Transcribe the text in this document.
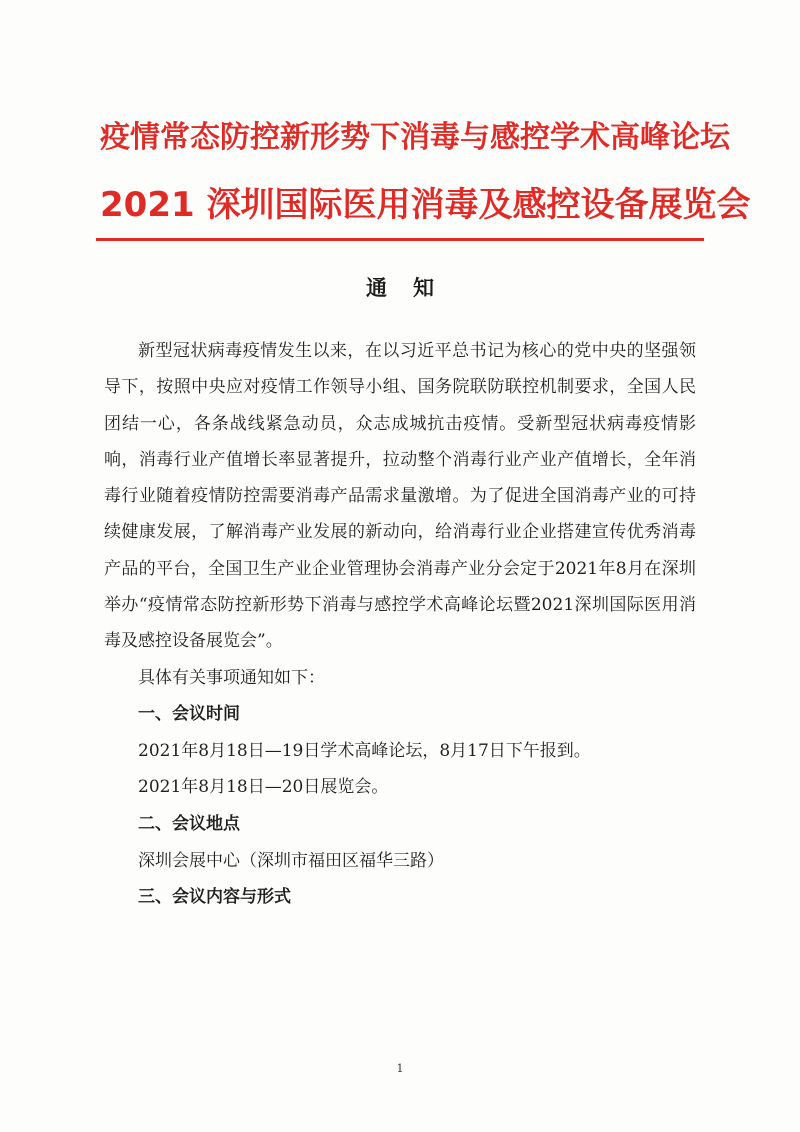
疫情常态防控新形势下消毒与感控学术高峰论坛
2021 深圳国际医用消毒及感控设备展览会
通知

新型冠状病毒疫情发生以来，在以习近平总书记为核心的党中央的坚强领导下，按照中央应对疫情工作领导小组、国务院联防联控机制要求，全国人民团结一心，各条战线紧急动员，众志成城抗击疫情。受新型冠状病毒疫情影响，消毒行业产值增长率显著提升，拉动整个消毒行业产业产值增长，全年消毒行业随着疫情防控需要消毒产品需求量激增。为了促进全国消毒产业的可持续健康发展，了解消毒产业发展的新动向，给消毒行业企业搭建宣传优秀消毒产品的平台，全国卫生产业企业管理协会消毒产业分会定于2021年8月在深圳举办“疫情常态防控新形势下消毒与感控学术高峰论坛暨2021深圳国际医用消毒及感控设备展览会”。

具体有关事项通知如下：

一、会议时间

2021年8月18日—19日学术高峰论坛，8月17日下午报到。

2021年8月18日—20日展览会。

二、会议地点

深圳会展中心（深圳市福田区福华三路）

三、会议内容与形式
1
